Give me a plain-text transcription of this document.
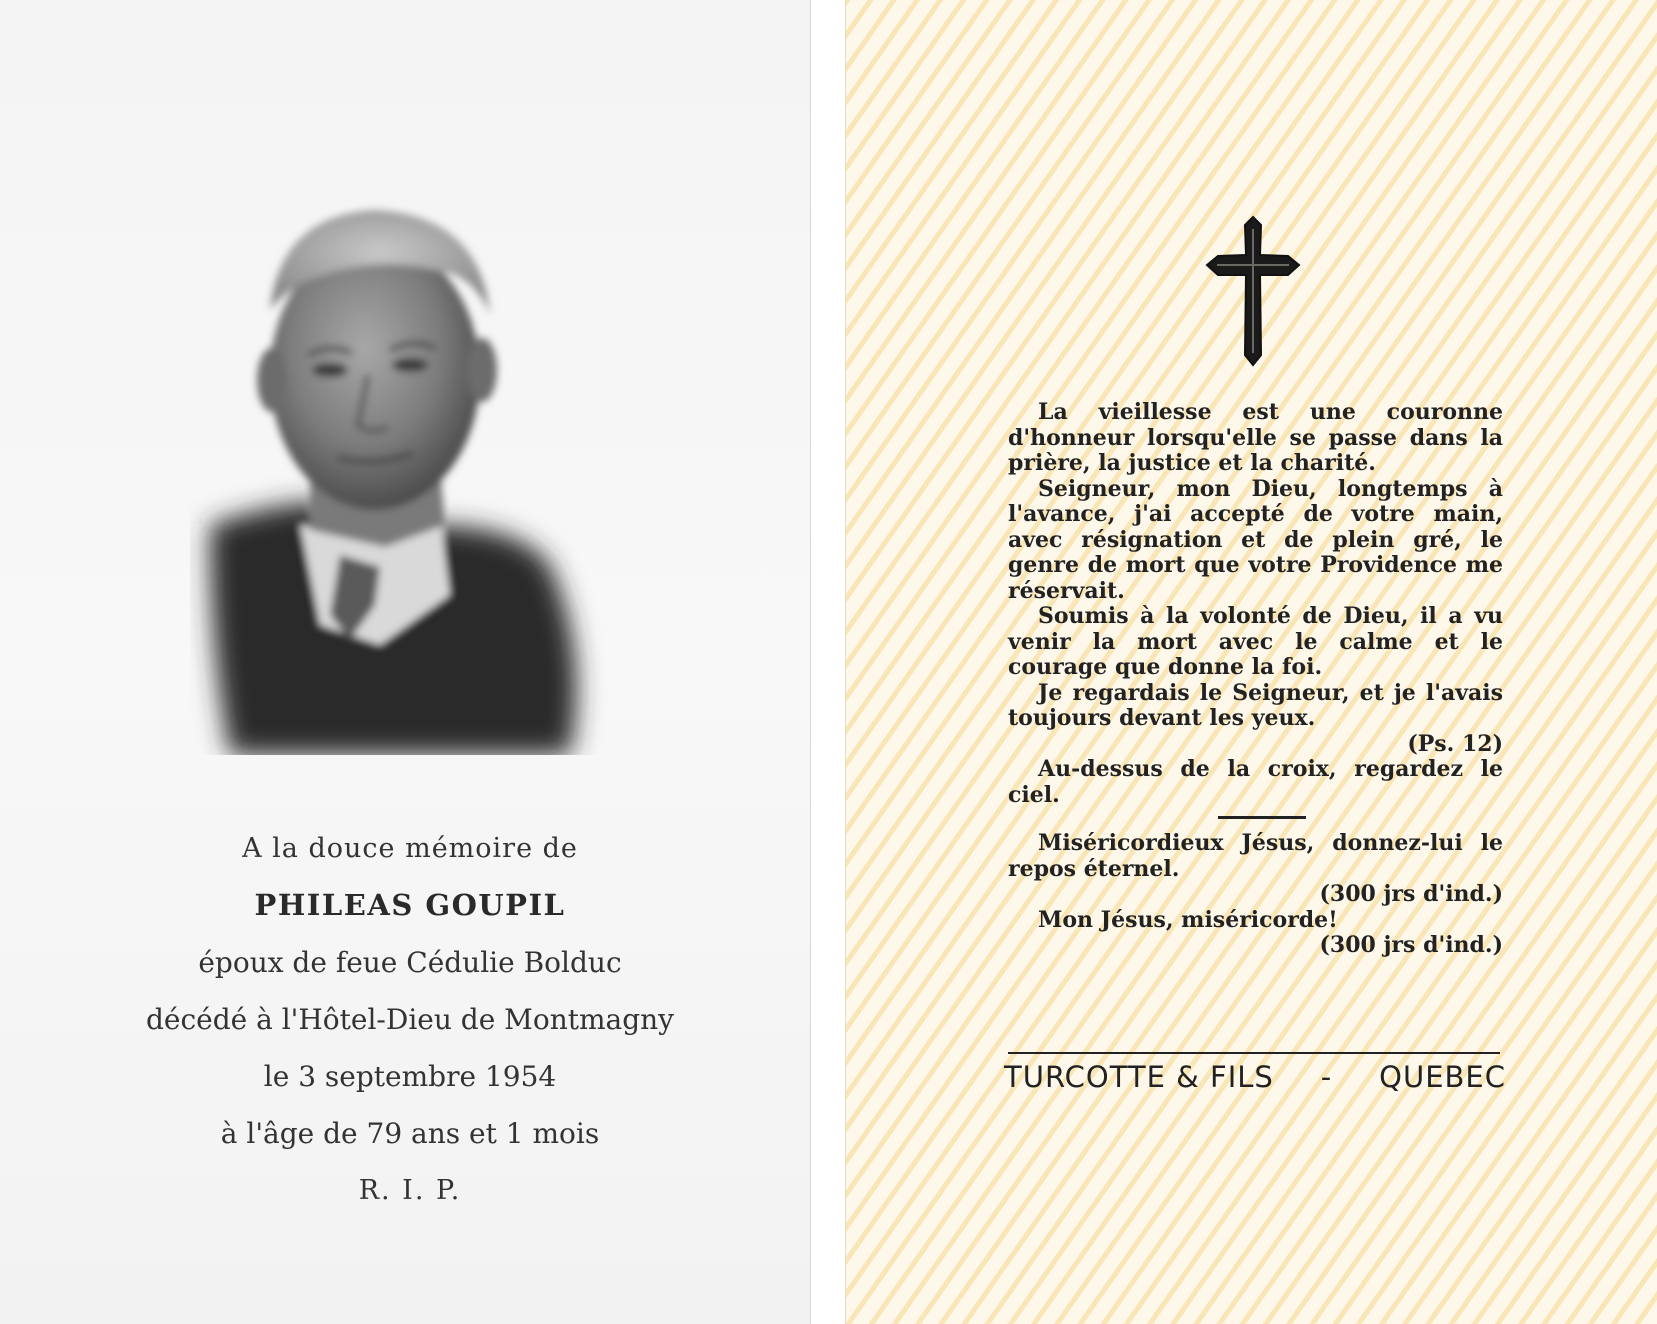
A la douce mémoire de
PHILEAS GOUPIL
époux de feue Cédulie Bolduc
décédé à l'Hôtel-Dieu de Montmagny
le 3 septembre 1954
à l'âge de 79 ans et 1 mois
R. I. P.

La vieillesse est une couronne d'honneur lorsqu'elle se passe dans la prière, la justice et la charité.

Seigneur, mon Dieu, longtemps à l'avance, j'ai accepté de votre main, avec résignation et de plein gré, le genre de mort que votre Providence me réservait.

Soumis à la volonté de Dieu, il a vu venir la mort avec le calme et le courage que donne la foi.

Je regardais le Seigneur, et je l'avais toujours devant les yeux.

(Ps. 12)

Au-dessus de la croix, regardez le ciel.

Miséricordieux Jésus, donnez-lui le repos éternel.

(300 jrs d'ind.)

Mon Jésus, miséricorde!

(300 jrs d'ind.)

TURCOTTE & FILS - QUEBEC
